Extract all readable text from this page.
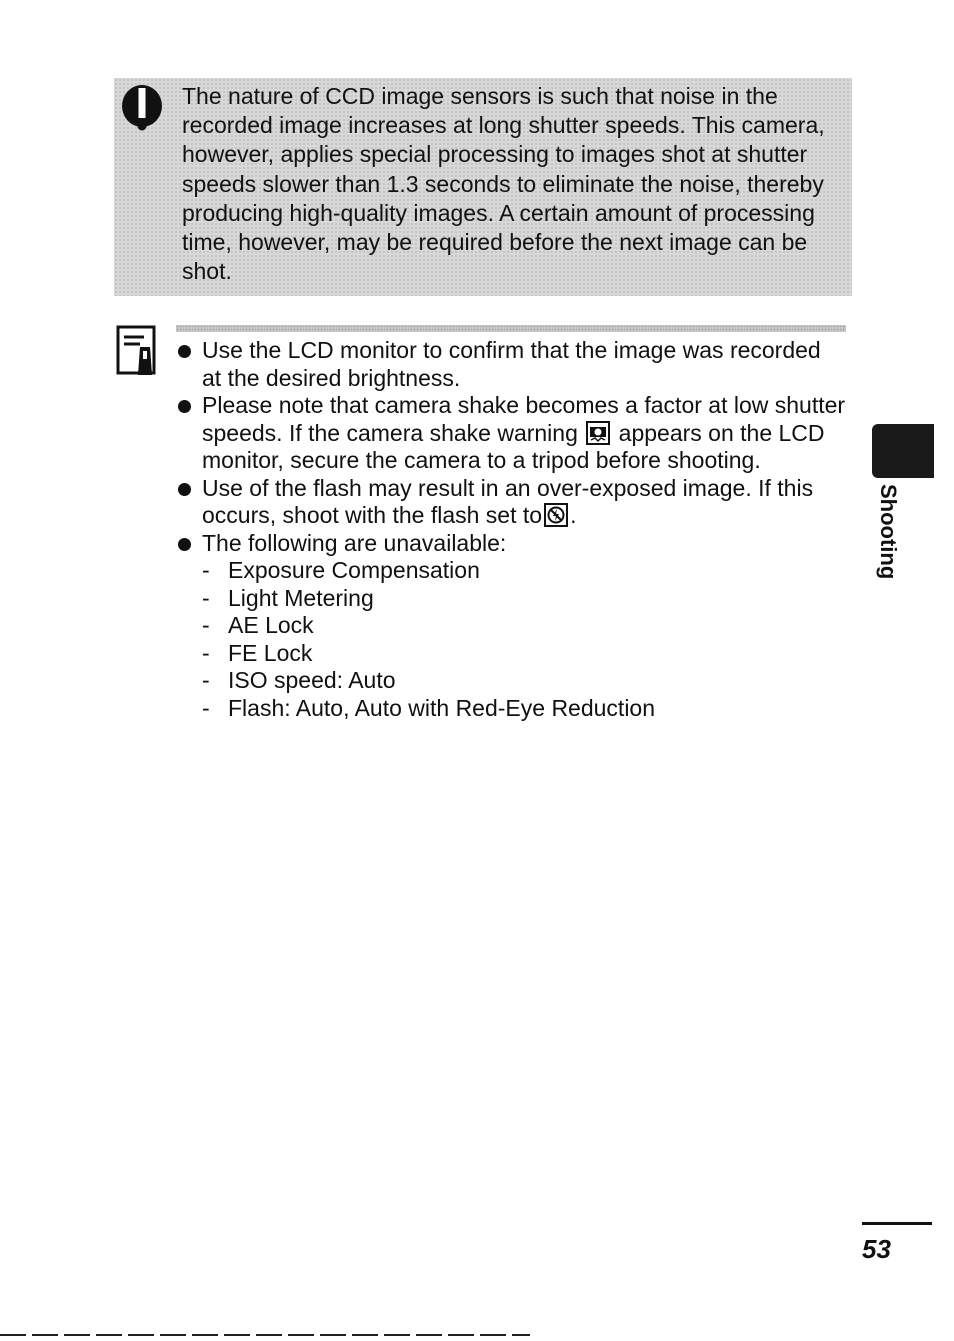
The nature of CCD image sensors is such that noise in the recorded image increases at long shutter speeds. This camera, however, applies special processing to images shot at shutter speeds slower than 1.3 seconds to eliminate the noise, thereby producing high-quality images. A certain amount of processing time, however, may be required before the next image can be shot.

Use the LCD monitor to confirm that the image was recorded at the desired brightness.
Please note that camera shake becomes a factor at low shutter speeds. If the camera shake warning appears on the LCD monitor, secure the camera to a tripod before shooting.
Use of the flash may result in an over-exposed image. If this occurs, shoot with the flash set to .
The following are unavailable:
- Exposure Compensation
- Light Metering
- AE Lock
- FE Lock
- ISO speed: Auto
- Flash: Auto, Auto with Red-Eye Reduction
Shooting
53
